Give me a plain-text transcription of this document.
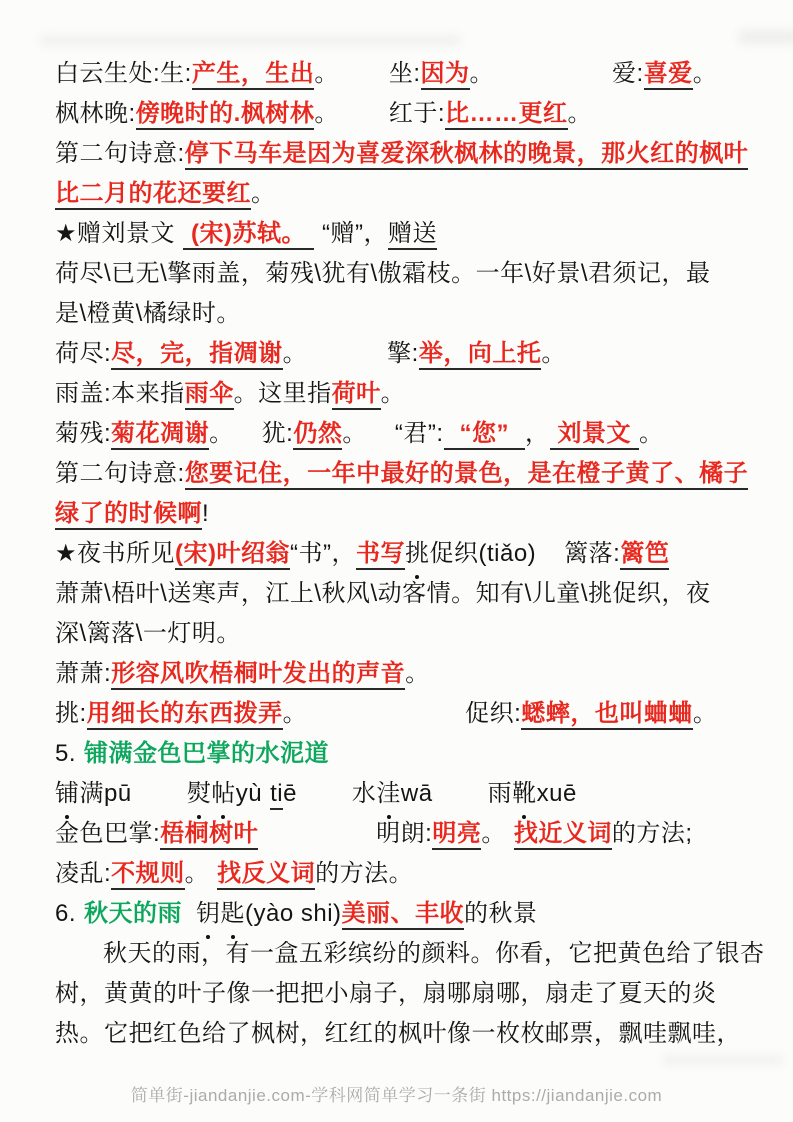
白云生处:生:产生，生出。 坐:因为。	爱:喜爱。
枫林晚:傍晚时的.枫树林。 红于:比……更红。
第二句诗意:停下马车是因为喜爱深秋枫林的晚景，那火红的枫叶
比二月的花还要红。
★赠刘景文 (宋)苏轼。 “赠”，赠送
荷尽\已无\擎雨盖，菊残\犹有\傲霜枝。一年\好景\君须记，最
是\橙黄\橘绿时。
荷尽:尽，完，指凋谢。	擎:举，向上托。
雨盖:本来指雨伞。这里指荷叶。
菊残:菊花凋谢。 犹:仍然。 “君”: “您” ， 刘景文 。
第二句诗意:您要记住，一年中最好的景色，是在橙子黄了、橘子
绿了的时候啊!
★夜书所见(宋)叶绍翁“书”，书写挑促织(tiǎo) 篱落:篱笆
萧萧\梧叶\送寒声，江上\秋风\动客情。知有\儿童\挑促织，夜
深\篱落\一灯明。
萧萧:形容风吹梧桐叶发出的声音。
挑:用细长的东西拨弄。	促织:蟋蟀，也叫蛐蛐。
5. 铺满金色巴掌的水泥道
铺满pū 熨帖yù tiē 水洼wā 雨靴xuē
金色巴掌:梧桐树叶	明朗:明亮。 找近义词的方法;
凌乱:不规则。 找反义词的方法。
6. 秋天的雨 钥匙(yào shi)美丽、丰收的秋景
秋天的雨，有一盒五彩缤纷的颜料。你看，它把黄色给了银杏
树，黄黄的叶子像一把把小扇子，扇哪扇哪，扇走了夏天的炎
热。它把红色给了枫树，红红的枫叶像一枚枚邮票，飘哇飘哇，
简单街-jiandanjie.com-学科网简单学习一条街 https://jiandanjie.com
